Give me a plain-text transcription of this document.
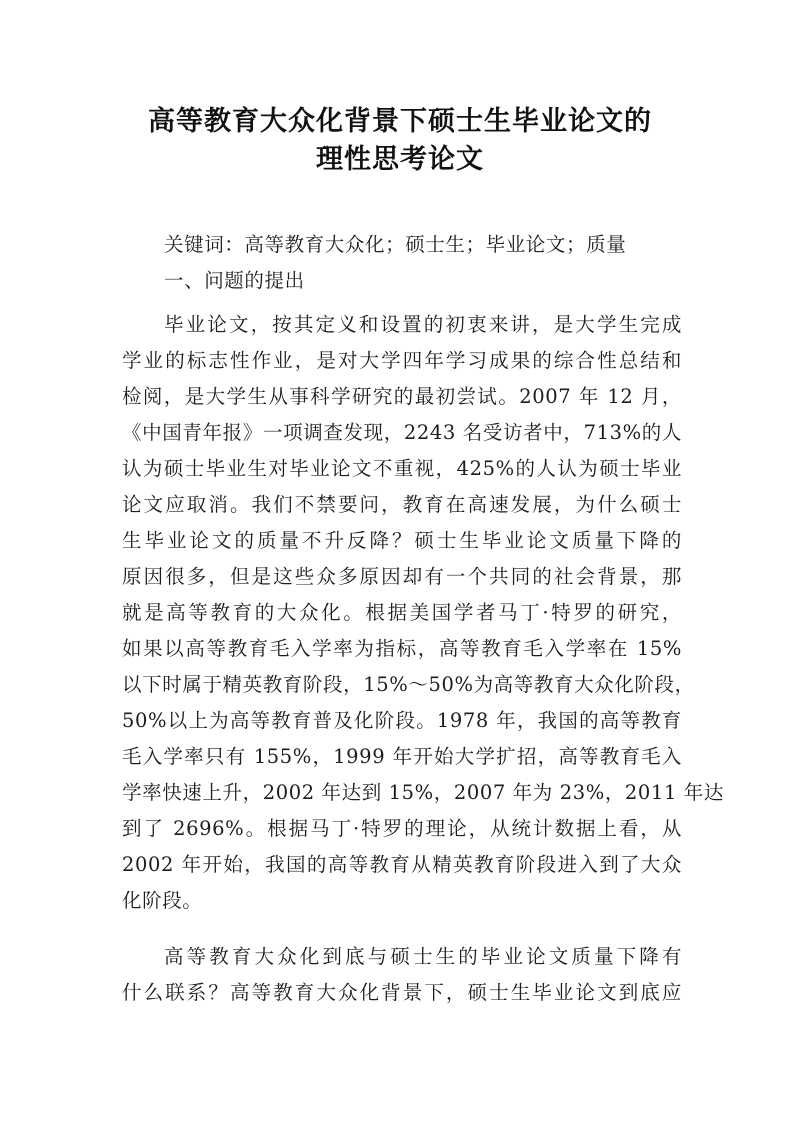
高等教育大众化背景下硕士生毕业论文的
理性思考论文
关键词：高等教育大众化；硕士生；毕业论文；质量
一、问题的提出
毕业论文，按其定义和设置的初衷来讲，是大学生完成
学业的标志性作业，是对大学四年学习成果的综合性总结和
检阅，是大学生从事科学研究的最初尝试。2007 年 12 月，
《中国青年报》一项调查发现，2243 名受访者中，713%的人
认为硕士毕业生对毕业论文不重视，425%的人认为硕士毕业
论文应取消。我们不禁要问，教育在高速发展，为什么硕士
生毕业论文的质量不升反降？硕士生毕业论文质量下降的
原因很多，但是这些众多原因却有一个共同的社会背景，那
就是高等教育的大众化。根据美国学者马丁·特罗的研究，
如果以高等教育毛入学率为指标，高等教育毛入学率在 15%
以下时属于精英教育阶段，15%～50%为高等教育大众化阶段，
50%以上为高等教育普及化阶段。1978 年，我国的高等教育
毛入学率只有 155%，1999 年开始大学扩招，高等教育毛入
学率快速上升，2002 年达到 15%，2007 年为 23%，2011 年达
到了 2696%。根据马丁·特罗的理论，从统计数据上看，从
2002 年开始，我国的高等教育从精英教育阶段进入到了大众
化阶段。
高等教育大众化到底与硕士生的毕业论文质量下降有
什么联系？高等教育大众化背景下，硕士生毕业论文到底应
